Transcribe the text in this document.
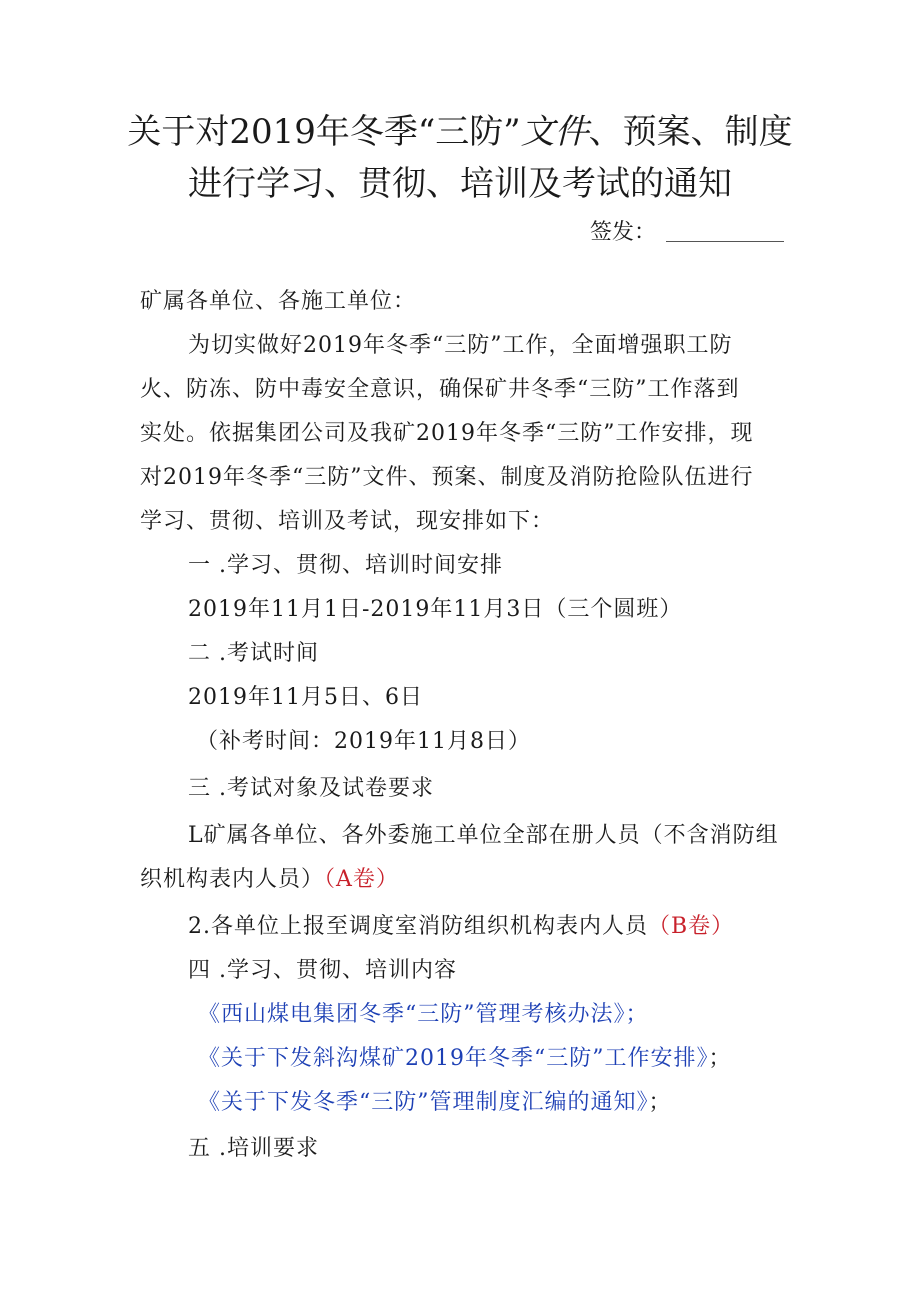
关于对2019年冬季“三防”文件、预案、制度
进行学习、贯彻、培训及考试的通知
签发：
矿属各单位、各施工单位：
为切实做好2019年冬季“三防”工作，全面增强职工防
火、防冻、防中毒安全意识，确保矿井冬季“三防”工作落到
实处。依据集团公司及我矿2019年冬季“三防”工作安排，现
对2019年冬季“三防”文件、预案、制度及消防抢险队伍进行
学习、贯彻、培训及考试，现安排如下：
一 .学习、贯彻、培训时间安排
2019年11月1日-2019年11月3日（三个圆班）
二 .考试时间
2019年11月5日、6日
（补考时间：2019年11月8日）
三 .考试对象及试卷要求
L矿属各单位、各外委施工单位全部在册人员（不含消防组
织机构表内人员）（A卷）
2.各单位上报至调度室消防组织机构表内人员（B卷）
四 .学习、贯彻、培训内容
《西山煤电集团冬季“三防”管理考核办法》；
《关于下发斜沟煤矿2019年冬季“三防”工作安排》；
《关于下发冬季“三防”管理制度汇编的通知》；
五 .培训要求
